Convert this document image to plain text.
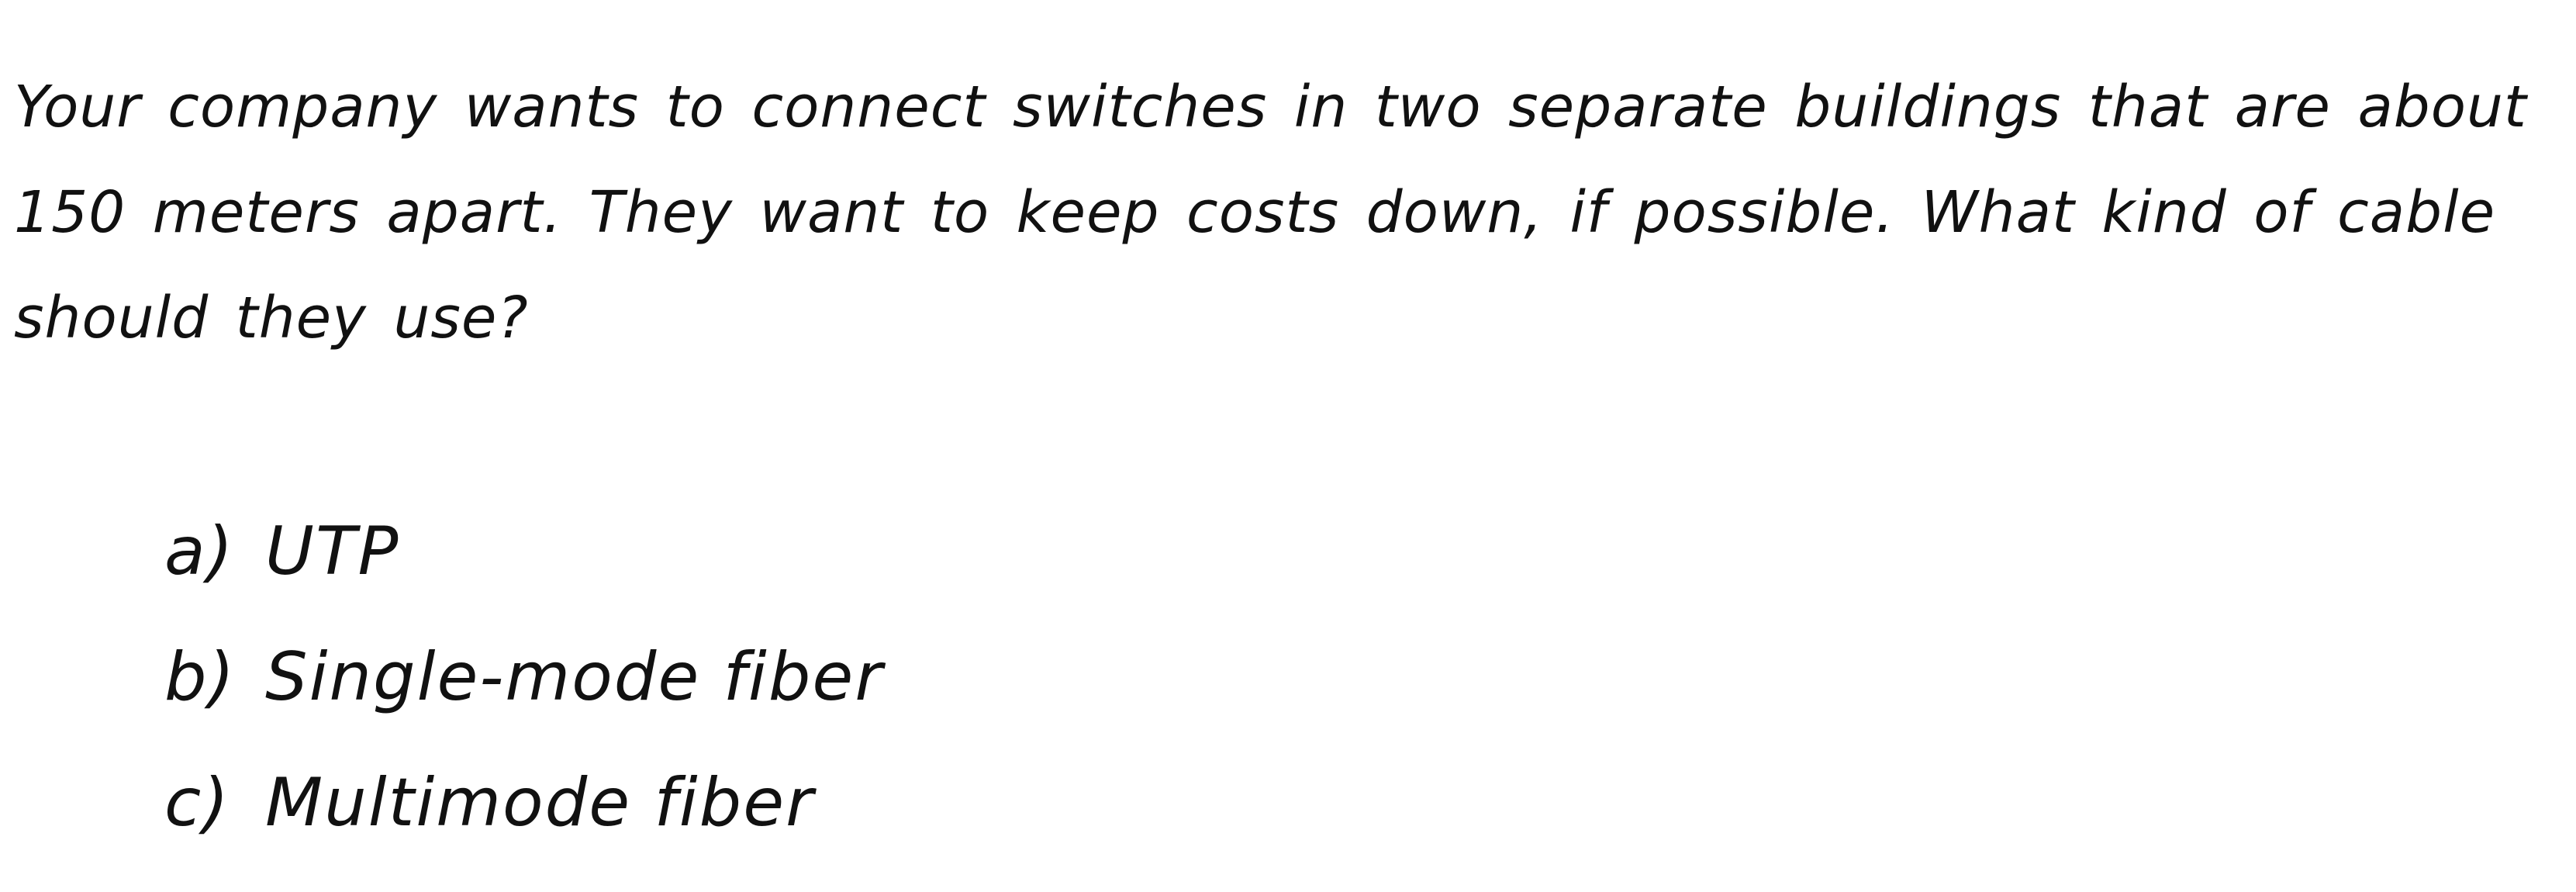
Your company wants to connect switches in two separate buildings that are about
150 meters apart. They want to keep costs down, if possible. What kind of cable
should they use?

a) UTP
b) Single-mode fiber
c) Multimode fiber
